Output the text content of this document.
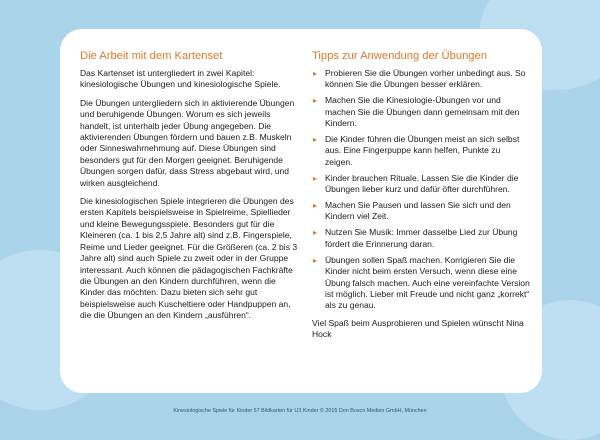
Die Arbeit mit dem Kartenset

Das Kartenset ist untergliedert in zwei Kapitel: kinesiologische Übungen und kinesiologische Spiele.

Die Übungen untergliedern sich in aktivierende Übungen und beruhigende Übungen. Worum es sich jeweils handelt, ist unterhalb jeder Übung angegeben. Die aktivierenden Übungen fördern und bauen z.B. Muskeln oder Sinneswahrnehmung auf. Diese Übungen sind besonders gut für den Morgen geeignet. Beruhigende Übungen sorgen dafür, dass Stress abgebaut wird, und wirken ausgleichend.

Die kinesiologischen Spiele integrieren die Übungen des ersten Kapitels beispielsweise in Spielreime, Spiellieder und kleine Bewegungsspiele. Besonders gut für die Kleineren (ca. 1 bis 2,5 Jahre alt) sind z.B. Fingerspiele, Reime und Lieder geeignet. Für die Größeren (ca. 2 bis 3 Jahre alt) sind auch Spiele zu zweit oder in der Gruppe interessant. Auch können die pädagogischen Fachkräfte die Übungen an den Kindern durchführen, wenn die Kinder das möchten. Dazu bieten sich sehr gut beispielsweise auch Kuscheltiere oder Handpuppen an, die die Übungen an den Kindern „ausführen“.

Tipps zur Anwendung der Übungen
▸ Probieren Sie die Übungen vorher unbedingt aus. So können Sie die Übungen besser erklären.
▸ Machen Sie die Kinesiologie-Übungen vor und machen Sie die Übungen dann gemeinsam mit den Kindern.
▸ Die Kinder führen die Übungen meist an sich selbst aus. Eine Fingerpuppe kann helfen, Punkte zu zeigen.
▸ Kinder brauchen Rituale. Lassen Sie die Kinder die Übungen lieber kurz und dafür öfter durchführen.
▸ Machen Sie Pausen und lassen Sie sich und den Kindern viel Zeit.
▸ Nutzen Sie Musik: Immer dasselbe Lied zur Übung fördert die Erinnerung daran.
▸ Übungen sollen Spaß machen. Korrigieren Sie die Kinder nicht beim ersten Versuch, wenn diese eine Übung falsch machen. Auch eine vereinfachte Version ist möglich. Lieber mit Freude und nicht ganz „korrekt“ als zu genau.

Viel Spaß beim Ausprobieren und Spielen wünscht Nina Hock

Kinesiologische Spiele für Kinder 57 Bildkarten für U3 Kinder © 2015 Don Bosco Medien GmbH, München
